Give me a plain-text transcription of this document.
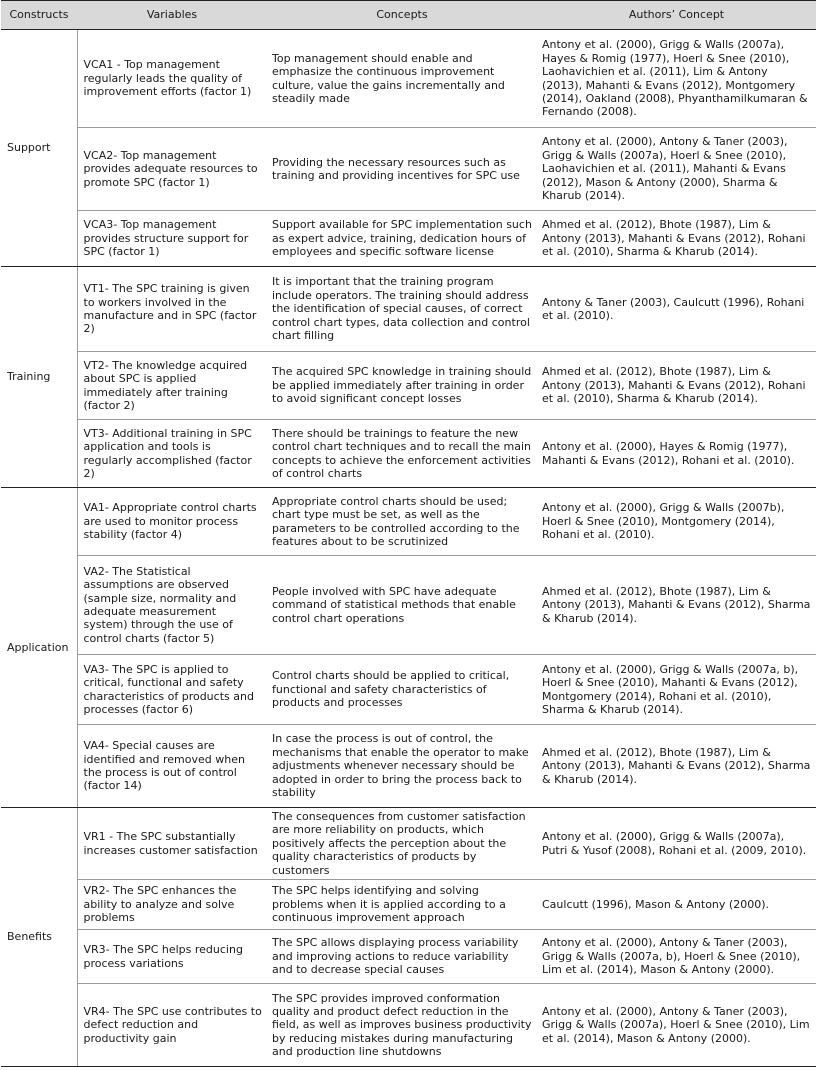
Constructs	Variables	Concepts	Authors’ Concept
Support	VCA1 - Top management regularly leads the quality of improvement efforts (factor 1)	Top management should enable and emphasize the continuous improvement culture, value the gains incrementally and steadily made	Antony et al. (2000), Grigg & Walls (2007a), Hayes & Romig (1977), Hoerl & Snee (2010), Laohavichien et al. (2011), Lim & Antony (2013), Mahanti & Evans (2012), Montgomery (2014), Oakland (2008), Phyanthamilkumaran & Fernando (2008).
	VCA2- Top management provides adequate resources to promote SPC (factor 1)	Providing the necessary resources such as training and providing incentives for SPC use	Antony et al. (2000), Antony & Taner (2003), Grigg & Walls (2007a), Hoerl & Snee (2010), Laohavichien et al. (2011), Mahanti & Evans (2012), Mason & Antony (2000), Sharma & Kharub (2014).
	VCA3- Top management provides structure support for SPC (factor 1)	Support available for SPC implementation such as expert advice, training, dedication hours of employees and specific software license	Ahmed et al. (2012), Bhote (1987), Lim & Antony (2013), Mahanti & Evans (2012), Rohani et al. (2010), Sharma & Kharub (2014).
Training	VT1- The SPC training is given to workers involved in the manufacture and in SPC (factor 2)	It is important that the training program include operators. The training should address the identification of special causes, of correct control chart types, data collection and control chart filling	Antony & Taner (2003), Caulcutt (1996), Rohani et al. (2010).
	VT2- The knowledge acquired about SPC is applied immediately after training (factor 2)	The acquired SPC knowledge in training should be applied immediately after training in order to avoid significant concept losses	Ahmed et al. (2012), Bhote (1987), Lim & Antony (2013), Mahanti & Evans (2012), Rohani et al. (2010), Sharma & Kharub (2014).
	VT3- Additional training in SPC application and tools is regularly accomplished (factor 2)	There should be trainings to feature the new control chart techniques and to recall the main concepts to achieve the enforcement activities of control charts	Antony et al. (2000), Hayes & Romig (1977), Mahanti & Evans (2012), Rohani et al. (2010).
Application	VA1- Appropriate control charts are used to monitor process stability (factor 4)	Appropriate control charts should be used; chart type must be set, as well as the parameters to be controlled according to the features about to be scrutinized	Antony et al. (2000), Grigg & Walls (2007b), Hoerl & Snee (2010), Montgomery (2014), Rohani et al. (2010).
	VA2- The Statistical assumptions are observed (sample size, normality and adequate measurement system) through the use of control charts (factor 5)	People involved with SPC have adequate command of statistical methods that enable control chart operations	Ahmed et al. (2012), Bhote (1987), Lim & Antony (2013), Mahanti & Evans (2012), Sharma & Kharub (2014).
	VA3- The SPC is applied to critical, functional and safety characteristics of products and processes (factor 6)	Control charts should be applied to critical, functional and safety characteristics of products and processes	Antony et al. (2000), Grigg & Walls (2007a, b), Hoerl & Snee (2010), Mahanti & Evans (2012), Montgomery (2014), Rohani et al. (2010), Sharma & Kharub (2014).
	VA4- Special causes are identified and removed when the process is out of control (factor 14)	In case the process is out of control, the mechanisms that enable the operator to make adjustments whenever necessary should be adopted in order to bring the process back to stability	Ahmed et al. (2012), Bhote (1987), Lim & Antony (2013), Mahanti & Evans (2012), Sharma & Kharub (2014).
Benefits	VR1 - The SPC substantially increases customer satisfaction	The consequences from customer satisfaction are more reliability on products, which positively affects the perception about the quality characteristics of products by customers	Antony et al. (2000), Grigg & Walls (2007a), Putri & Yusof (2008), Rohani et al. (2009, 2010).
	VR2- The SPC enhances the ability to analyze and solve problems	The SPC helps identifying and solving problems when it is applied according to a continuous improvement approach	Caulcutt (1996), Mason & Antony (2000).
	VR3- The SPC helps reducing process variations	The SPC allows displaying process variability and improving actions to reduce variability and to decrease special causes	Antony et al. (2000), Antony & Taner (2003), Grigg & Walls (2007a, b), Hoerl & Snee (2010), Lim et al. (2014), Mason & Antony (2000).
	VR4- The SPC use contributes to defect reduction and productivity gain	The SPC provides improved conformation quality and product defect reduction in the field, as well as improves business productivity by reducing mistakes during manufacturing and production line shutdowns	Antony et al. (2000), Antony & Taner (2003), Grigg & Walls (2007a), Hoerl & Snee (2010), Lim et al. (2014), Mason & Antony (2000).
